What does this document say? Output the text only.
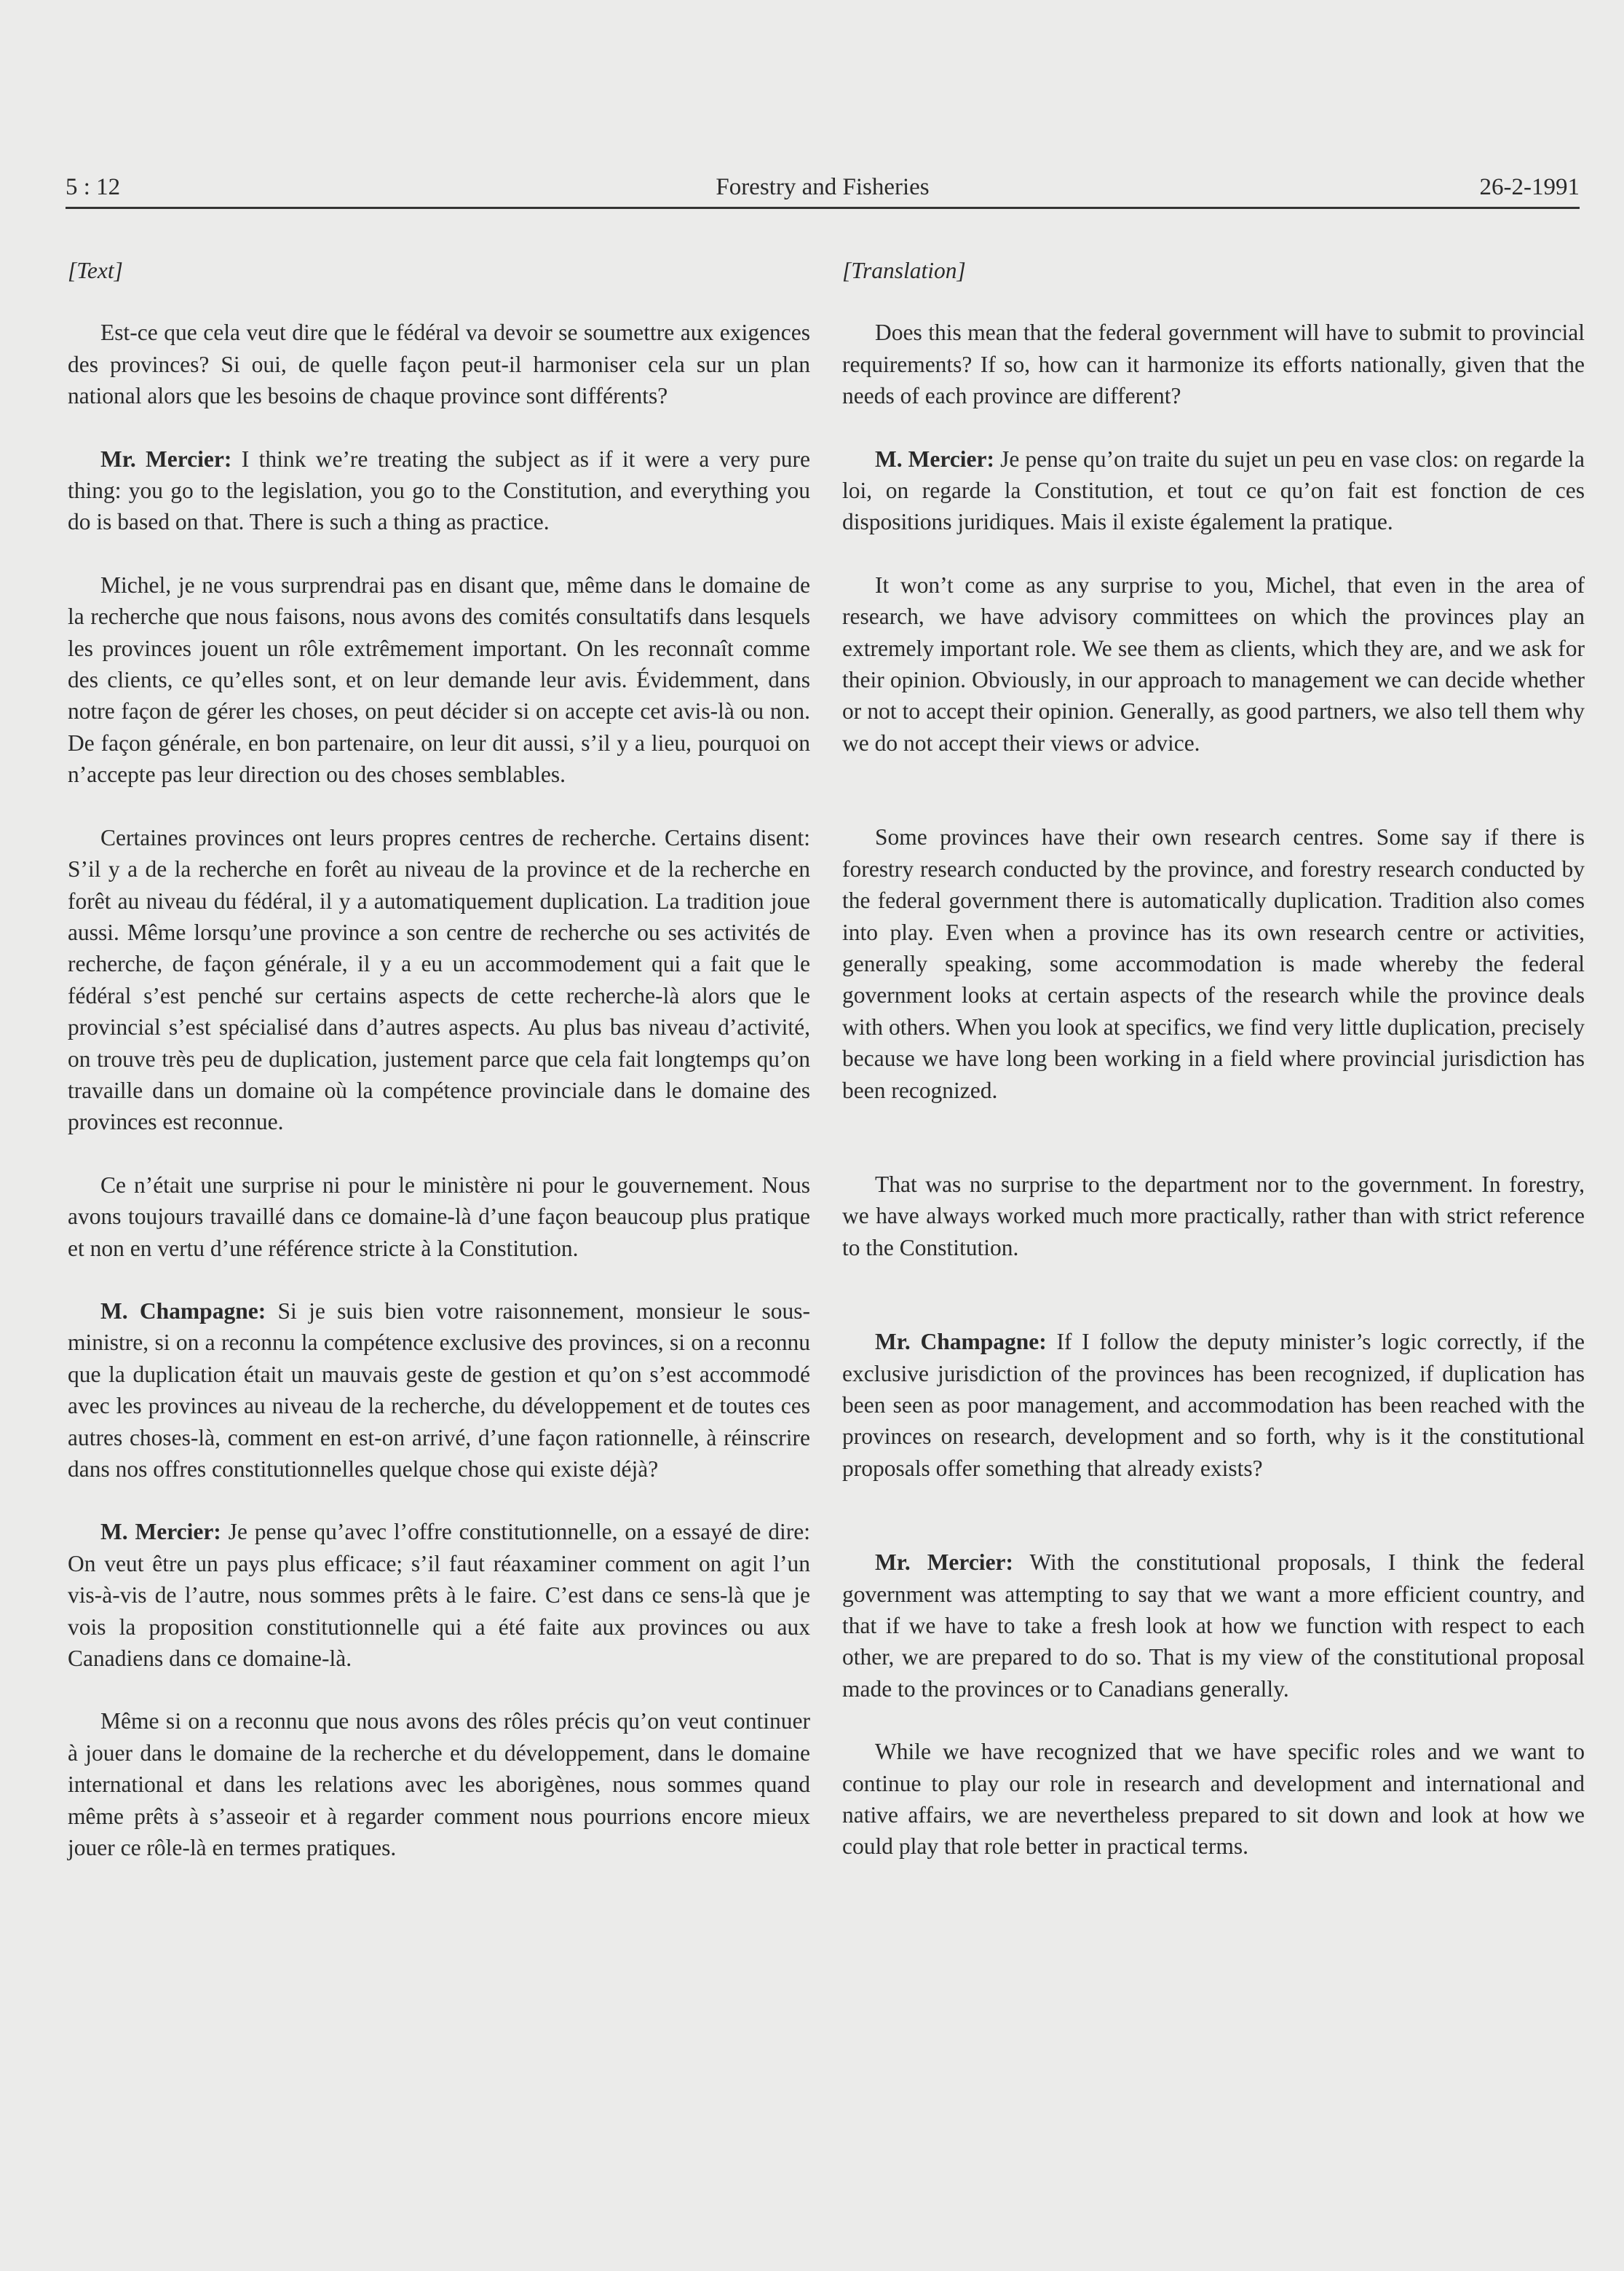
5 : 12	Forestry and Fisheries	26-2-1991

[Text]

Est-ce que cela veut dire que le fédéral va devoir se soumettre aux exigences des provinces? Si oui, de quelle façon peut-il harmoniser cela sur un plan national alors que les besoins de chaque province sont différents?

Mr. Mercier: I think we’re treating the subject as if it were a very pure thing: you go to the legislation, you go to the Constitution, and everything you do is based on that. There is such a thing as practice.

Michel, je ne vous surprendrai pas en disant que, même dans le domaine de la recherche que nous faisons, nous avons des comités consultatifs dans lesquels les provinces jouent un rôle extrêmement important. On les reconnaît comme des clients, ce qu’elles sont, et on leur demande leur avis. Évidemment, dans notre façon de gérer les choses, on peut décider si on accepte cet avis-là ou non. De façon générale, en bon partenaire, on leur dit aussi, s’il y a lieu, pourquoi on n’accepte pas leur direction ou des choses semblables.

Certaines provinces ont leurs propres centres de recherche. Certains disent: S’il y a de la recherche en forêt au niveau de la province et de la recherche en forêt au niveau du fédéral, il y a automatiquement duplication. La tradition joue aussi. Même lorsqu’une province a son centre de recherche ou ses activités de recherche, de façon générale, il y a eu un accommodement qui a fait que le fédéral s’est penché sur certains aspects de cette recherche-là alors que le provincial s’est spécialisé dans d’autres aspects. Au plus bas niveau d’activité, on trouve très peu de duplication, justement parce que cela fait longtemps qu’on travaille dans un domaine où la compétence provinciale dans le domaine des provinces est reconnue.

Ce n’était une surprise ni pour le ministère ni pour le gouvernement. Nous avons toujours travaillé dans ce domaine-là d’une façon beaucoup plus pratique et non en vertu d’une référence stricte à la Constitution.

M. Champagne: Si je suis bien votre raisonnement, monsieur le sous-ministre, si on a reconnu la compétence exclusive des provinces, si on a reconnu que la duplication était un mauvais geste de gestion et qu’on s’est accommodé avec les provinces au niveau de la recherche, du développement et de toutes ces autres choses-là, comment en est-on arrivé, d’une façon rationnelle, à réinscrire dans nos offres constitutionnelles quelque chose qui existe déjà?

M. Mercier: Je pense qu’avec l’offre constitutionnelle, on a essayé de dire: On veut être un pays plus efficace; s’il faut réaxaminer comment on agit l’un vis-à-vis de l’autre, nous sommes prêts à le faire. C’est dans ce sens-là que je vois la proposition constitutionnelle qui a été faite aux provinces ou aux Canadiens dans ce domaine-là.

Même si on a reconnu que nous avons des rôles précis qu’on veut continuer à jouer dans le domaine de la recherche et du développement, dans le domaine international et dans les relations avec les aborigènes, nous sommes quand même prêts à s’asseoir et à regarder comment nous pourrions encore mieux jouer ce rôle-là en termes pratiques.

[Translation]

Does this mean that the federal government will have to submit to provincial requirements? If so, how can it harmonize its efforts nationally, given that the needs of each province are different?

M. Mercier: Je pense qu’on traite du sujet un peu en vase clos: on regarde la loi, on regarde la Constitution, et tout ce qu’on fait est fonction de ces dispositions juridiques. Mais il existe également la pratique.

It won’t come as any surprise to you, Michel, that even in the area of research, we have advisory committees on which the provinces play an extremely important role. We see them as clients, which they are, and we ask for their opinion. Obviously, in our approach to management we can decide whether or not to accept their opinion. Generally, as good partners, we also tell them why we do not accept their views or advice.

Some provinces have their own research centres. Some say if there is forestry research conducted by the province, and forestry research conducted by the federal government there is automatically duplication. Tradition also comes into play. Even when a province has its own research centre or activities, generally speaking, some accommodation is made whereby the federal government looks at certain aspects of the research while the province deals with others. When you look at specifics, we find very little duplication, precisely because we have long been working in a field where provincial jurisdiction has been recognized.

That was no surprise to the department nor to the government. In forestry, we have always worked much more practically, rather than with strict reference to the Constitution.

Mr. Champagne: If I follow the deputy minister’s logic correctly, if the exclusive jurisdiction of the provinces has been recognized, if duplication has been seen as poor management, and accommodation has been reached with the provinces on research, development and so forth, why is it the constitutional proposals offer something that already exists?

Mr. Mercier: With the constitutional proposals, I think the federal government was attempting to say that we want a more efficient country, and that if we have to take a fresh look at how we function with respect to each other, we are prepared to do so. That is my view of the constitutional proposal made to the provinces or to Canadians generally.

While we have recognized that we have specific roles and we want to continue to play our role in research and development and international and native affairs, we are nevertheless prepared to sit down and look at how we could play that role better in practical terms.
